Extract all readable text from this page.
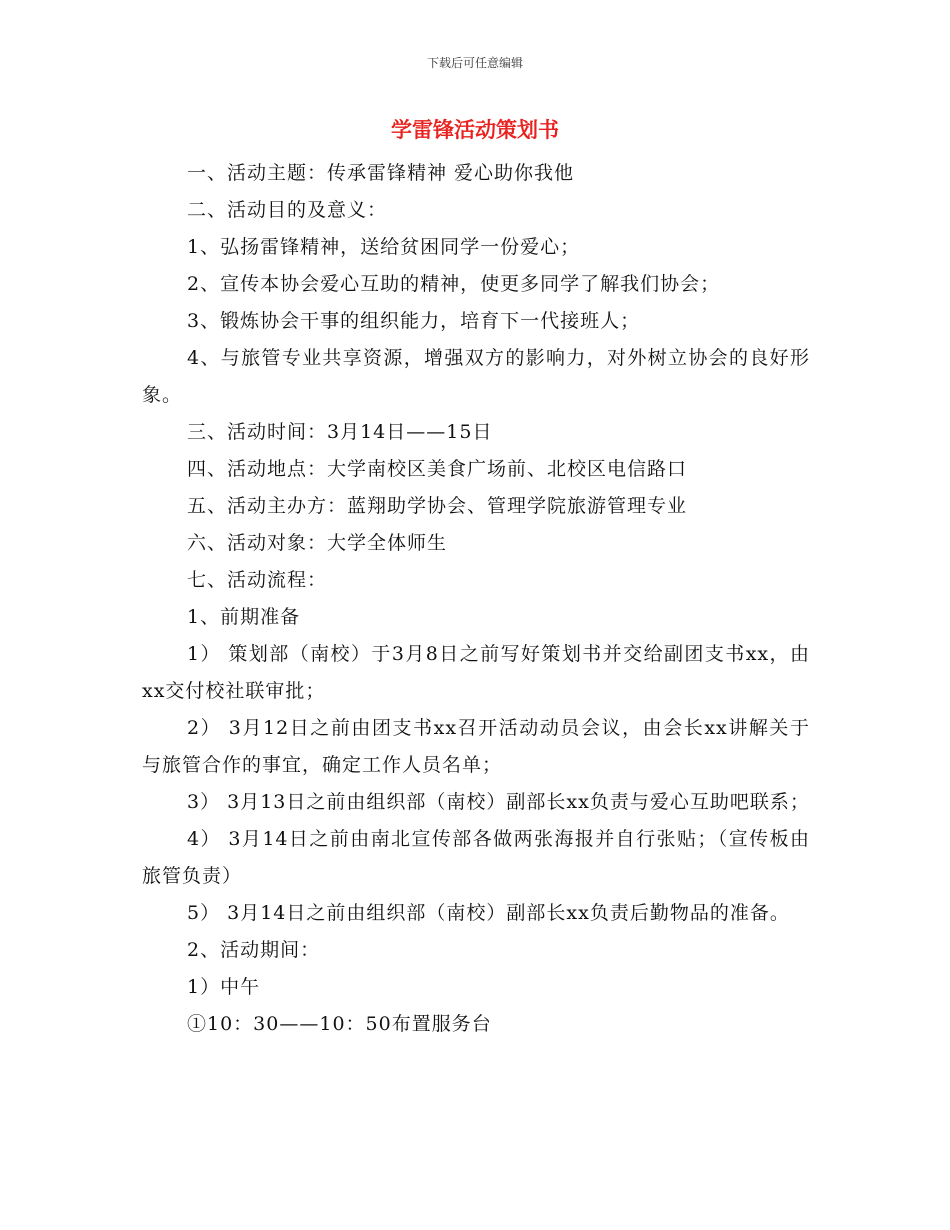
下载后可任意编辑
学雷锋活动策划书

一、活动主题：传承雷锋精神 爱心助你我他

二、活动目的及意义：

1、弘扬雷锋精神，送给贫困同学一份爱心；

2、宣传本协会爱心互助的精神，使更多同学了解我们协会；

3、锻炼协会干事的组织能力，培育下一代接班人；

4、与旅管专业共享资源，增强双方的影响力，对外树立协会的良好形象。

三、活动时间：3月14日——15日

四、活动地点：大学南校区美食广场前、北校区电信路口

五、活动主办方：蓝翔助学协会、管理学院旅游管理专业

六、活动对象：大学全体师生

七、活动流程：

1、前期准备

1） 策划部（南校）于3月8日之前写好策划书并交给副团支书xx，由xx交付校社联审批；

2） 3月12日之前由团支书xx召开活动动员会议，由会长xx讲解关于与旅管合作的事宜，确定工作人员名单；

3） 3月13日之前由组织部（南校）副部长xx负责与爱心互助吧联系；

4） 3月14日之前由南北宣传部各做两张海报并自行张贴；（宣传板由旅管负责）

5） 3月14日之前由组织部（南校）副部长xx负责后勤物品的准备。

2、活动期间：

1）中午

①10：30——10：50布置服务台
